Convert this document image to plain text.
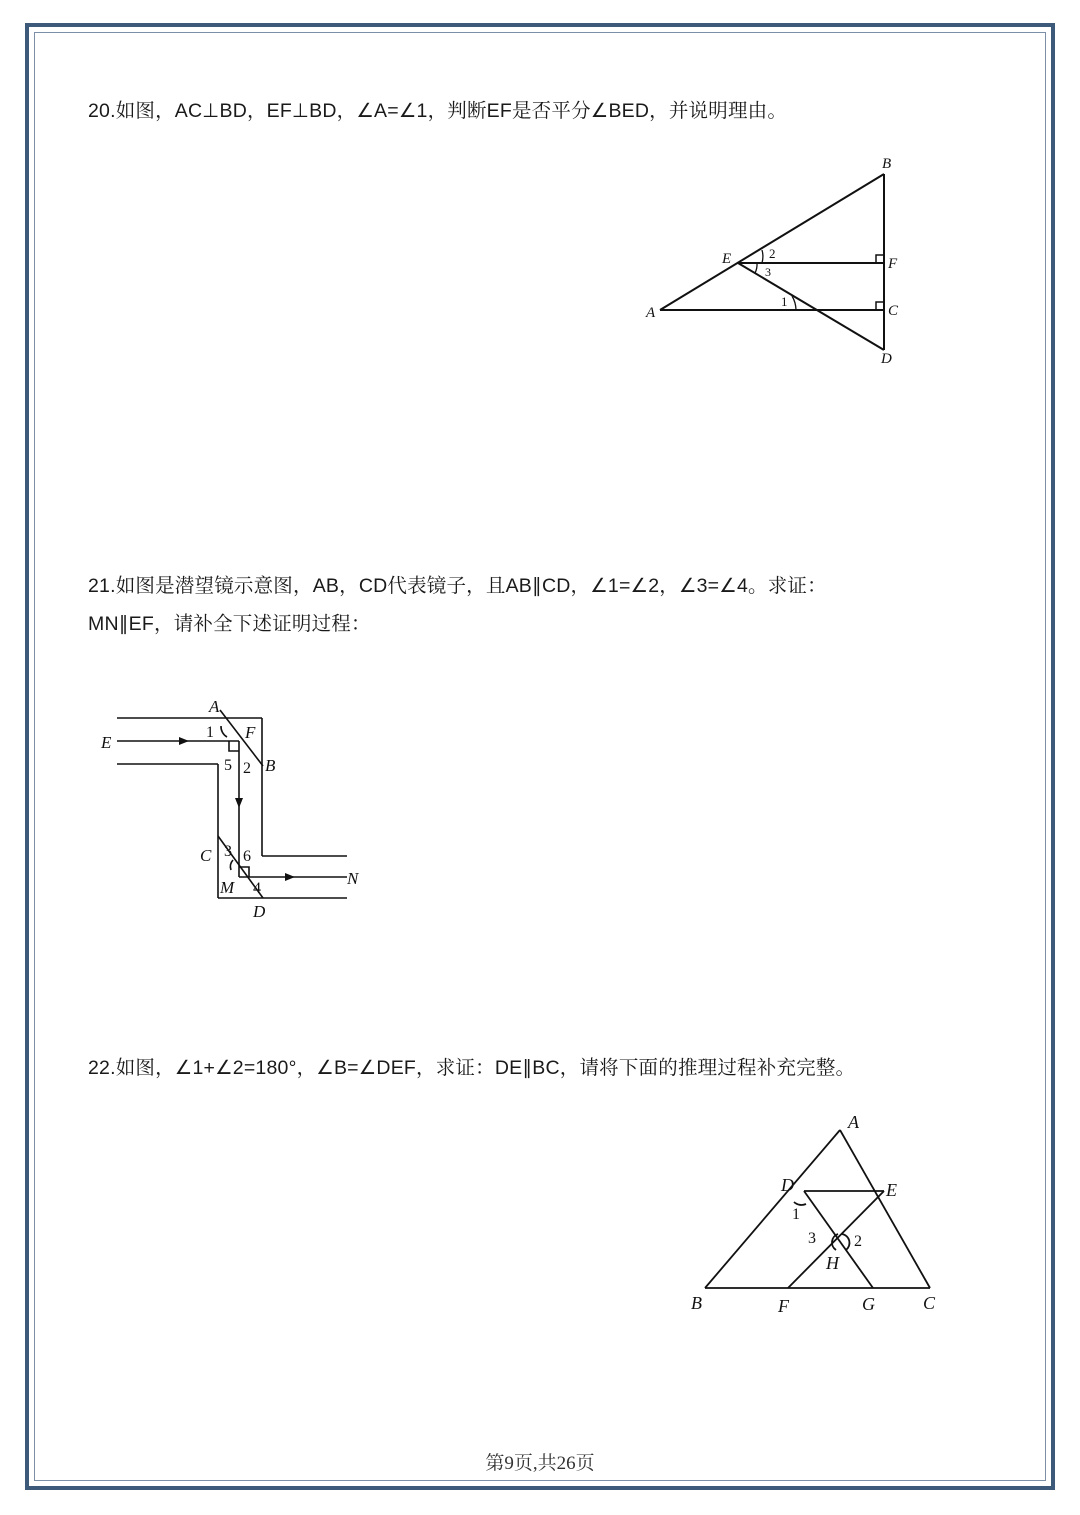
20.如图，AC⊥BD，EF⊥BD，∠A=∠1，判断EF是否平分∠BED，并说明理由。
B
E	F
A	C
D
2
3
1
21.如图是潜望镜示意图，AB，CD代表镜子，且AB∥CD，∠1=∠2，∠3=∠4。求证：
MN∥EF，请补全下述证明过程：
A
E
F
B
C
M	N
D
1
5 2
3 6
4
22.如图，∠1+∠2=180°，∠B=∠DEF，求证：DE∥BC，请将下面的推理过程补充完整。
A
D	E
B	F	G	C
H
1
2
3
第9页,共26页
